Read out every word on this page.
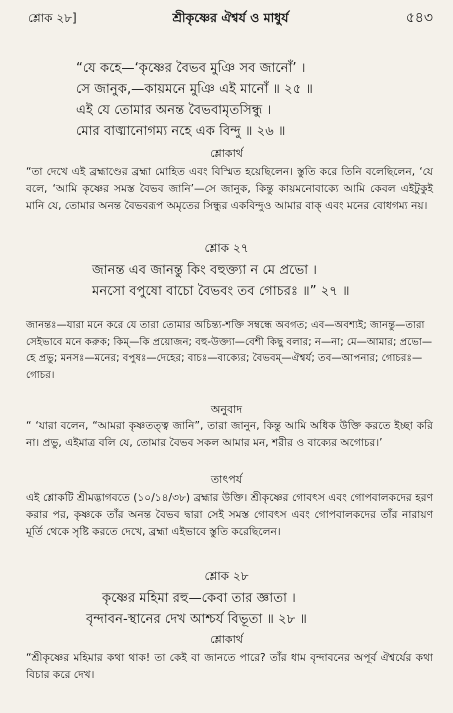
শ্লোক ২৮]	শ্রীকৃষ্ণের ঐশ্বর্য ও মাধুর্য	৫৪৩
“যে কহে—‘কৃষ্ণের বৈভব মুঞি সব জানোঁ’ ।
সে জানুক,—কায়মনে মুঞি এই মানোঁ ॥ ২৫ ॥
এই যে তোমার অনন্ত বৈভবামৃতসিন্ধু ।
মোর বাঙ্মানোগম্য নহে এক বিন্দু ॥ ২৬ ॥
শ্লোকার্থ
“তা দেখে এই ব্রহ্মাণ্ডের ব্রহ্মা মোহিত এবং বিস্মিত হয়েছিলেন। স্তুতি করে তিনি বলেছিলেন, ‘যে বলে, ‘আমি কৃষ্ণের সমস্ত বৈভব জানি’—সে জানুক, কিন্তু কায়মনোবাক্যে আমি কেবল এইটুকুই মানি যে, তোমার অনন্ত বৈভবরূপ অমৃতের সিন্ধুর একবিন্দুও আমার বাক্ এবং মনের বোধগম্য নয়।
শ্লোক ২৭
জানন্ত এব জানন্তু কিং বহুক্ত্যা ন মে প্রভো ।
মনসো বপুষো বাচো বৈভবং তব গোচরঃ ॥” ২৭ ॥
জানন্তঃ—যারা মনে করে যে তারা তোমার অচিন্ত্য-শক্তি সম্বন্ধে অবগত; এব—অবশ্যই; জানন্তু—তারা সেইভাবে মনে করুক; কিম্—কি প্রয়োজন; বহু-উক্ত্যা—বেশী কিছু বলার; ন—না; মে—আমার; প্রভো—হে প্রভু; মনসঃ—মনের; বপুষঃ—দেহের; বাচঃ—বাক্যের; বৈভবম্—ঐশ্বর্য; তব—আপনার; গোচরঃ—গোচর।
অনুবাদ
“ ‘যারা বলেন, “আমরা কৃষ্ণতত্ত্ব জানি”, তারা জানুন, কিন্তু আমি অধিক উক্তি করতে ইচ্ছা করি না। প্রভু, এইমাত্র বলি যে, তোমার বৈভব সকল আমার মন, শরীর ও বাক্যের অগোচর।’
তাৎপর্য
এই শ্লোকটি শ্রীমদ্ভাগবতে (১০/১৪/৩৮) ব্রহ্মার উক্তি। শ্রীকৃষ্ণের গোবৎস এবং গোপবালকদের হরণ করার পর, কৃষ্ণকে তাঁর অনন্ত বৈভব দ্বারা সেই সমস্ত গোবৎস এবং গোপবালকদের তাঁর নারায়ণ মূর্তি থেকে সৃষ্টি করতে দেখে, ব্রহ্মা এইভাবে স্তুতি করেছিলেন।
শ্লোক ২৮
কৃষ্ণের মহিমা রহু—কেবা তার জ্ঞাতা ।
বৃন্দাবন-স্থানের দেখ আশ্চর্য বিভূতা ॥ ২৮ ॥
শ্লোকার্থ
“শ্রীকৃষ্ণের মহিমার কথা থাক! তা কেই বা জানতে পারে? তাঁর ধাম বৃন্দাবনের অপূর্ব ঐশ্বর্যের কথা বিচার করে দেখ।
